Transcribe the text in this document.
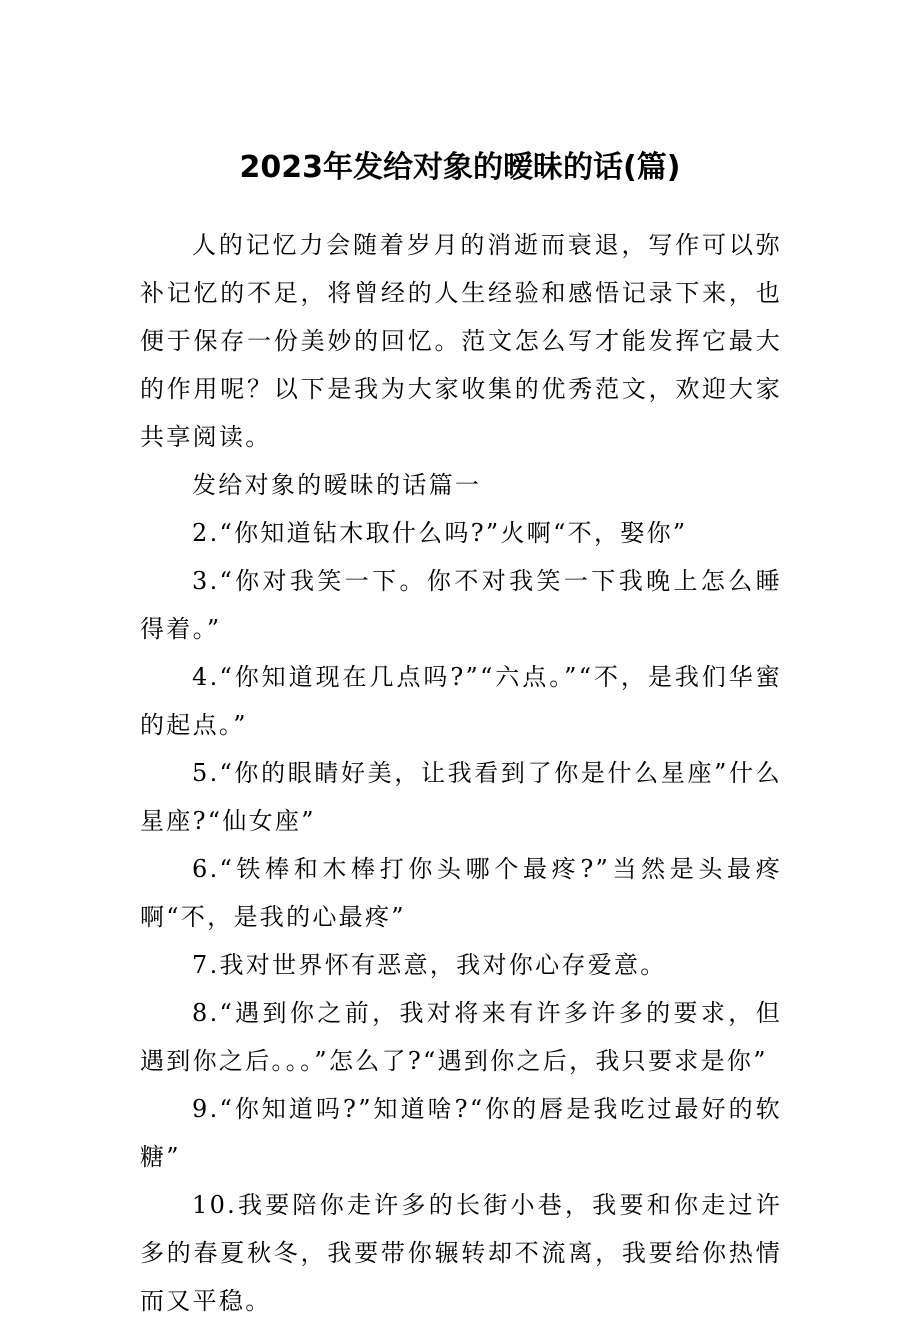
2023年发给对象的暧昧的话(篇)

人的记忆力会随着岁月的消逝而衰退，写作可以弥补记忆的不足，将曾经的人生经验和感悟记录下来，也便于保存一份美妙的回忆。范文怎么写才能发挥它最大的作用呢？以下是我为大家收集的优秀范文，欢迎大家共享阅读。

发给对象的暧昧的话篇一

2.“你知道钻木取什么吗?”火啊“不，娶你”

3.“你对我笑一下。你不对我笑一下我晚上怎么睡得着。”

4.“你知道现在几点吗?”“六点。”“不，是我们华蜜的起点。”

5.“你的眼睛好美，让我看到了你是什么星座”什么星座?“仙女座”

6.“铁棒和木棒打你头哪个最疼?”当然是头最疼啊“不，是我的心最疼”

7.我对世界怀有恶意，我对你心存爱意。

8.“遇到你之前，我对将来有许多许多的要求，但遇到你之后。。。”怎么了?“遇到你之后，我只要求是你”

9.“你知道吗?”知道啥?“你的唇是我吃过最好的软糖”

10.我要陪你走许多的长街小巷，我要和你走过许多的春夏秋冬，我要带你辗转却不流离，我要给你热情而又平稳。
